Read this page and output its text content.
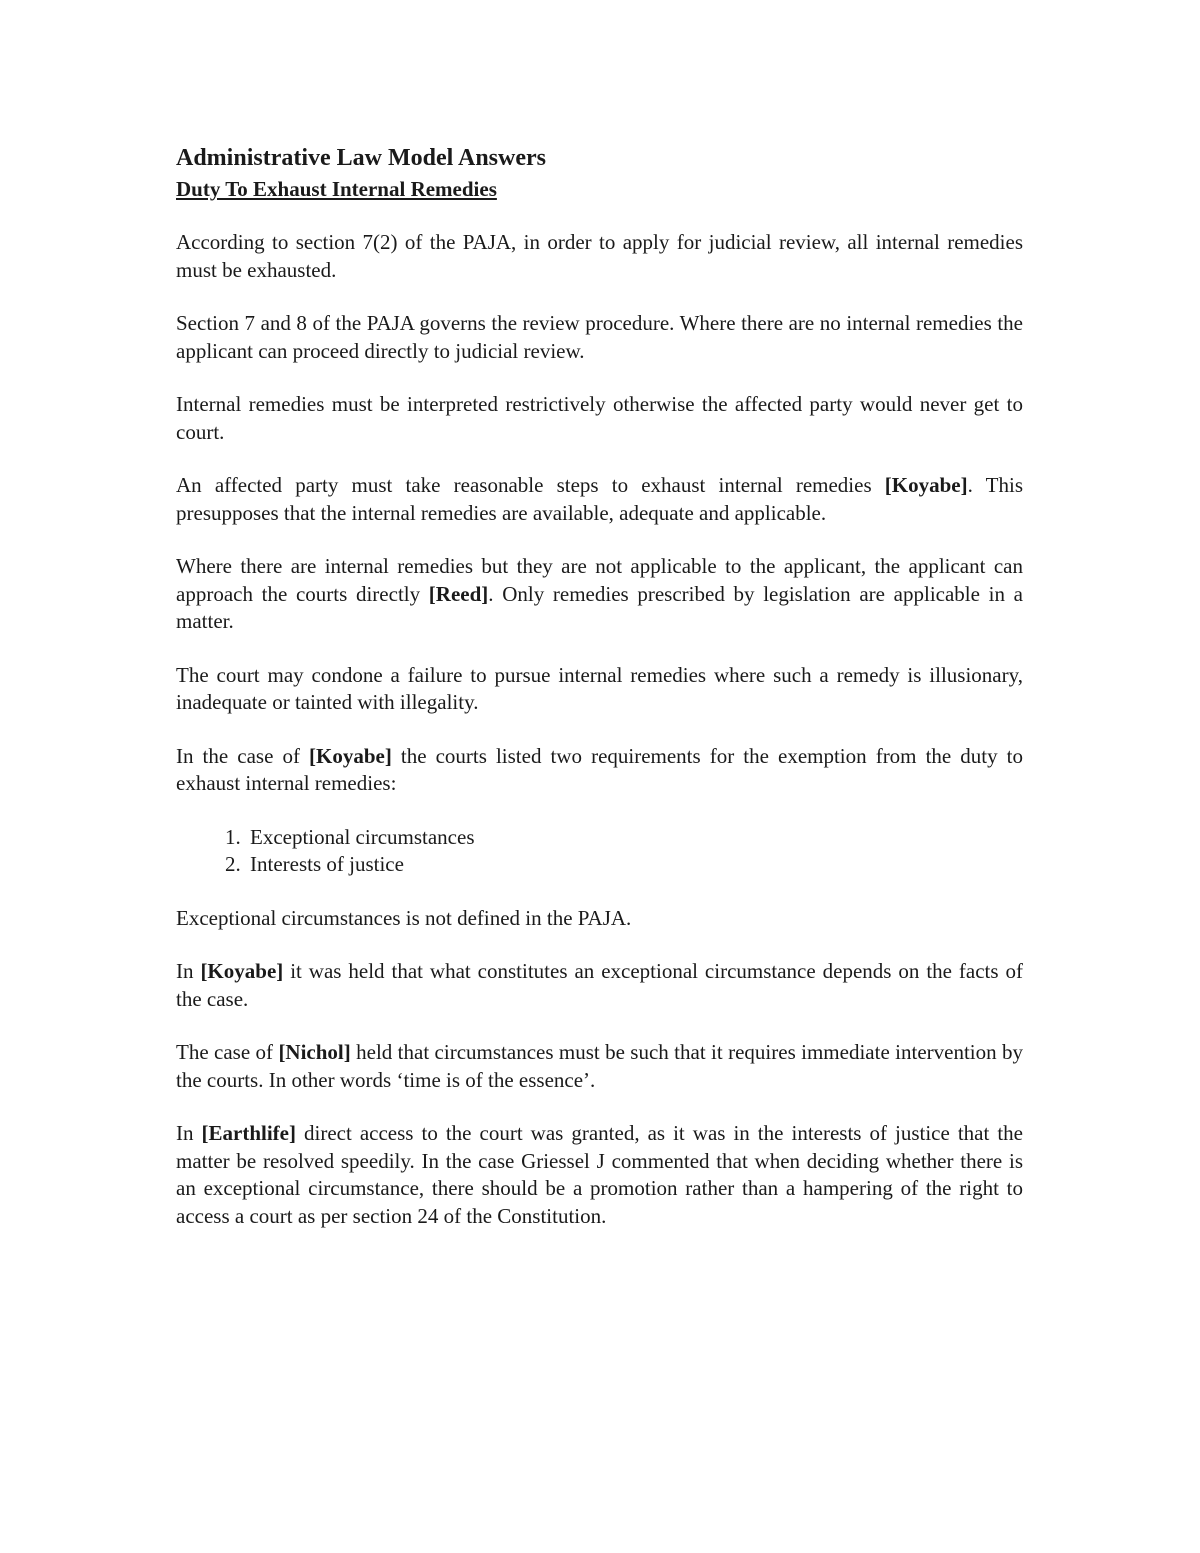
Administrative Law Model Answers
Duty To Exhaust Internal Remedies

According to section 7(2) of the PAJA, in order to apply for judicial review, all internal remedies must be exhausted.

Section 7 and 8 of the PAJA governs the review procedure. Where there are no internal remedies the applicant can proceed directly to judicial review.

Internal remedies must be interpreted restrictively otherwise the affected party would never get to court.

An affected party must take reasonable steps to exhaust internal remedies [Koyabe]. This presupposes that the internal remedies are available, adequate and applicable.

Where there are internal remedies but they are not applicable to the applicant, the applicant can approach the courts directly [Reed]. Only remedies prescribed by legislation are applicable in a matter.

The court may condone a failure to pursue internal remedies where such a remedy is illusionary, inadequate or tainted with illegality.

In the case of [Koyabe] the courts listed two requirements for the exemption from the duty to exhaust internal remedies:

1. Exceptional circumstances
2. Interests of justice

Exceptional circumstances is not defined in the PAJA.

In [Koyabe] it was held that what constitutes an exceptional circumstance depends on the facts of the case.

The case of [Nichol] held that circumstances must be such that it requires immediate intervention by the courts. In other words ‘time is of the essence’.

In [Earthlife] direct access to the court was granted, as it was in the interests of justice that the matter be resolved speedily. In the case Griessel J commented that when deciding whether there is an exceptional circumstance, there should be a promotion rather than a hampering of the right to access a court as per section 24 of the Constitution.
